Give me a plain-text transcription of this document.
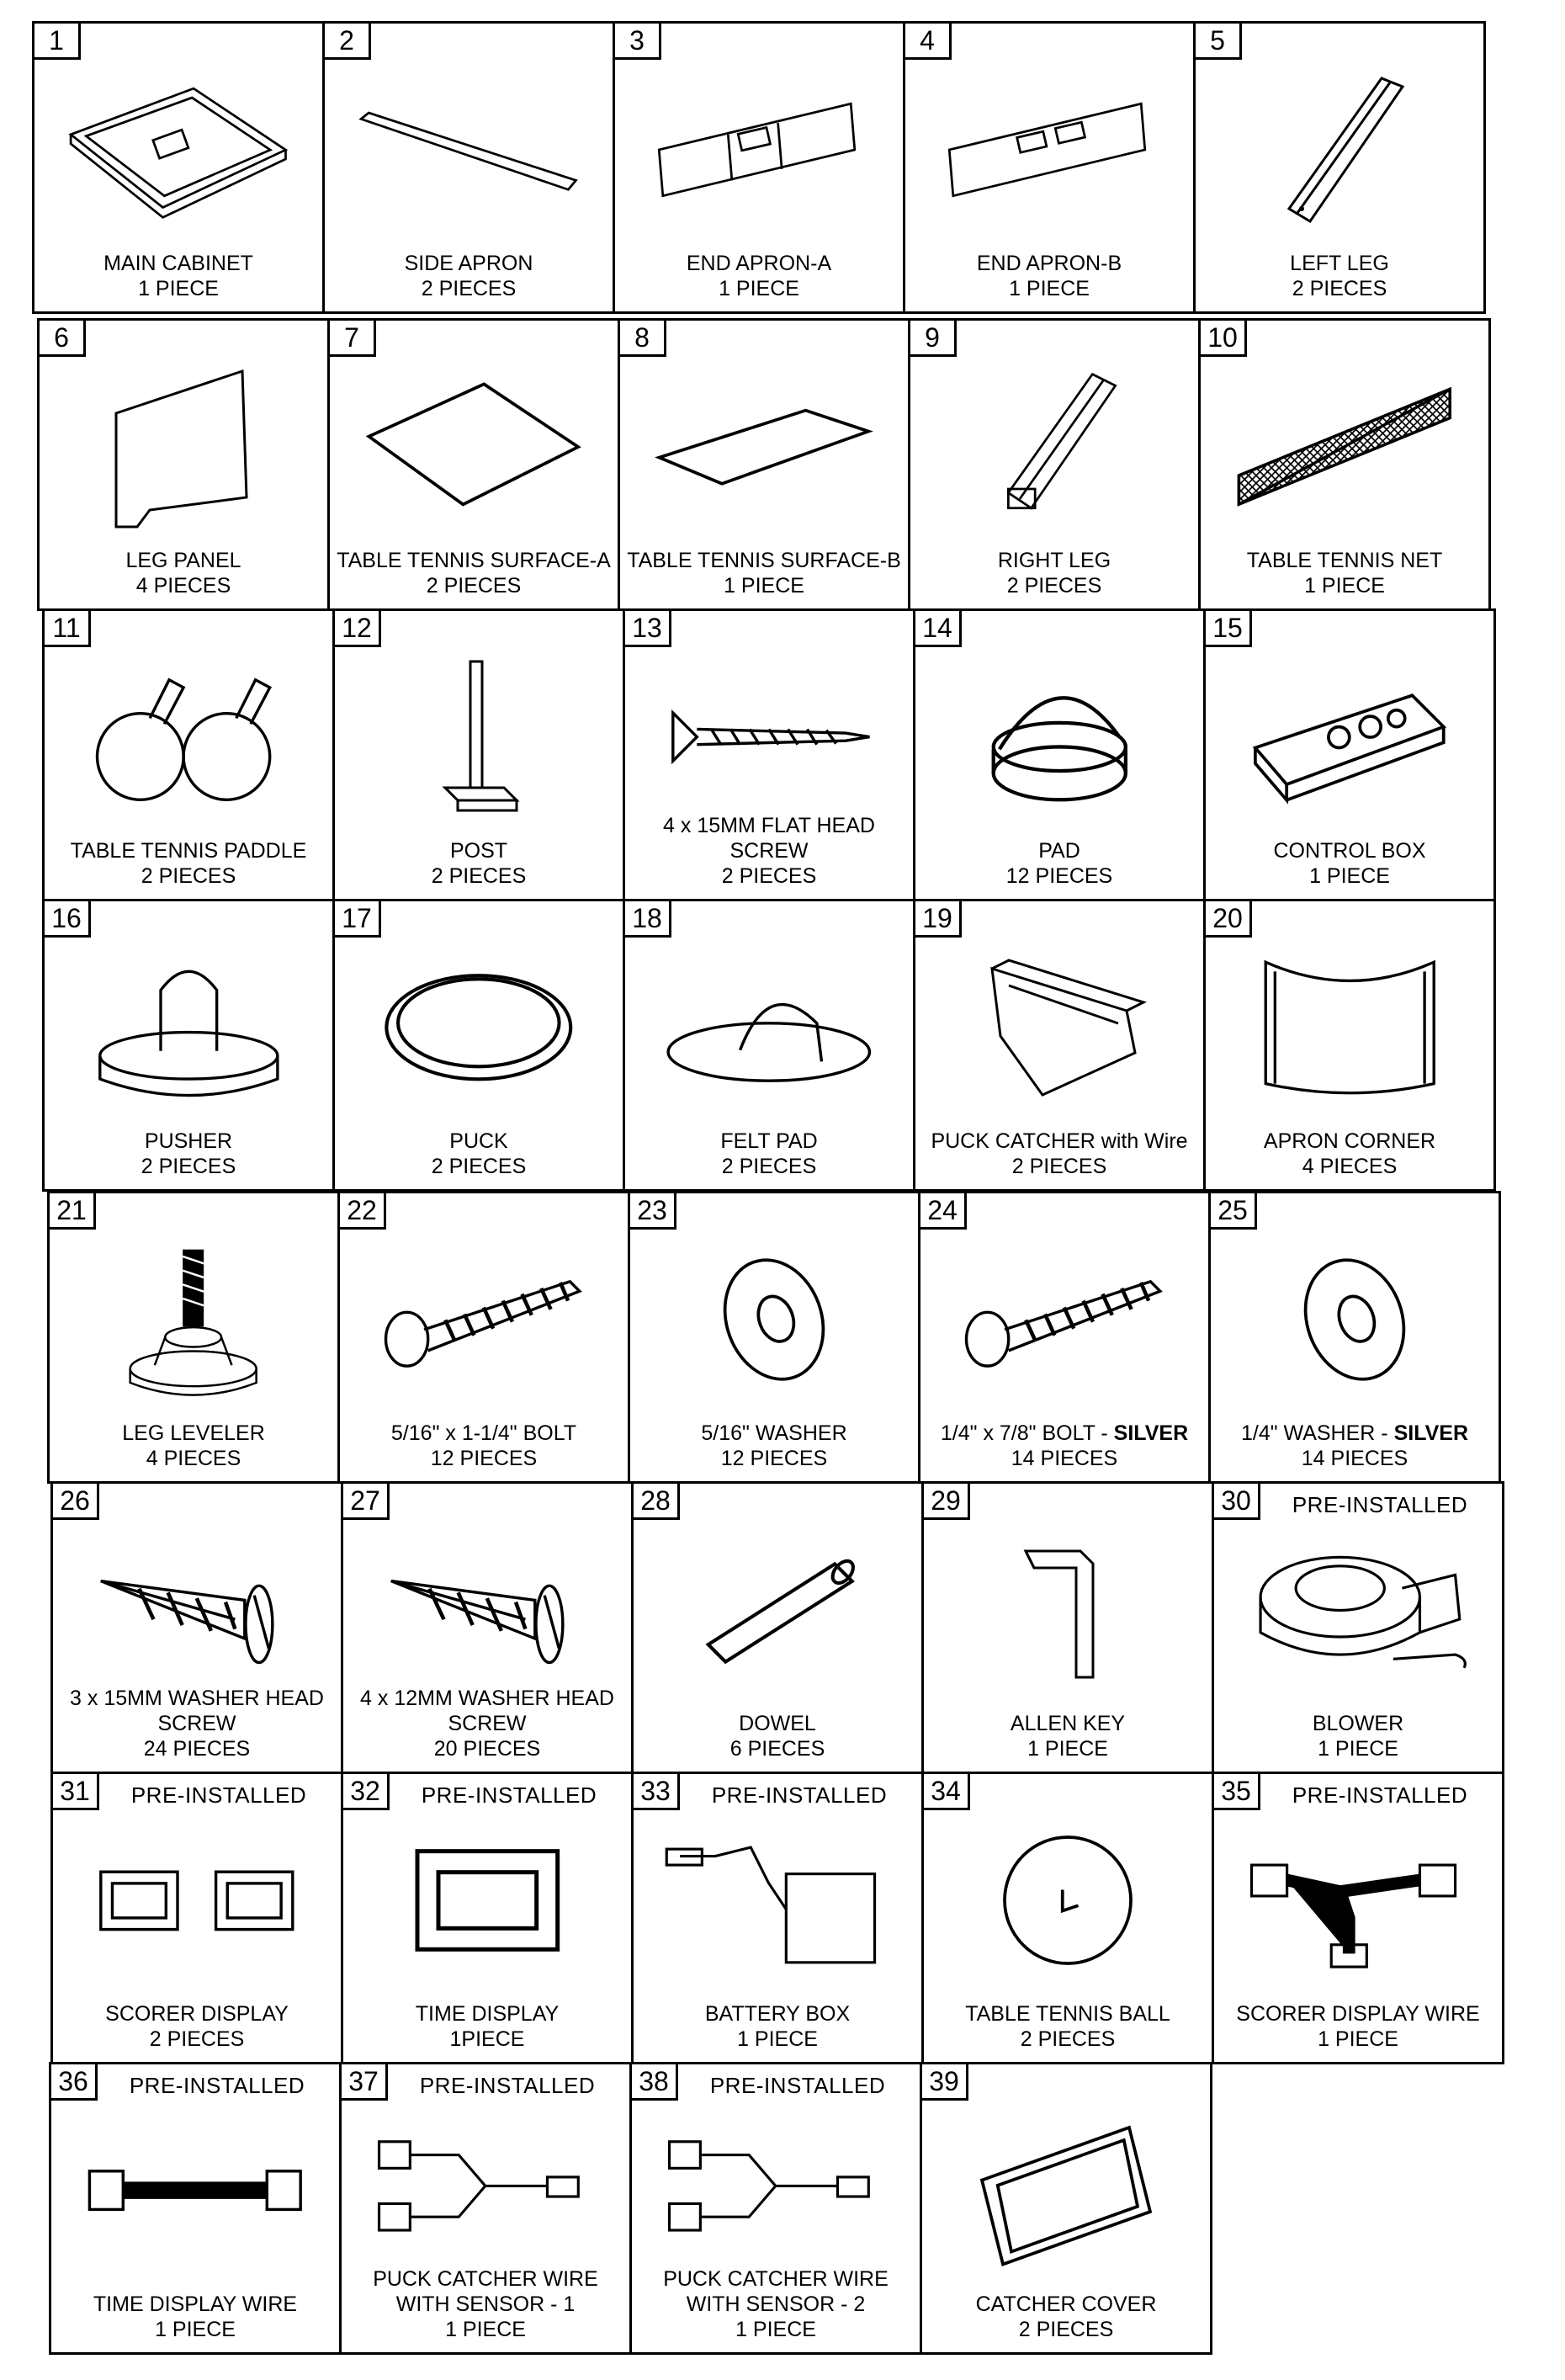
1
MAIN CABINET
1 PIECE
2
SIDE APRON
2 PIECES
3
END APRON-A
1 PIECE
4
END APRON-B
1 PIECE
5
LEFT LEG
2 PIECES
6
LEG PANEL
4 PIECES
7
TABLE TENNIS SURFACE-A
2 PIECES
8
TABLE TENNIS SURFACE-B
1 PIECE
9
RIGHT LEG
2 PIECES
10
TABLE TENNIS NET
1 PIECE
11
TABLE TENNIS PADDLE
2 PIECES
12
POST
2 PIECES
13
4 x 15MM FLAT HEAD SCREW
2 PIECES
14
PAD
12 PIECES
15
CONTROL BOX
1 PIECE
16
PUSHER
2 PIECES
17
PUCK
2 PIECES
18
FELT PAD
2 PIECES
19
PUCK CATCHER with Wire
2 PIECES
20
APRON CORNER
4 PIECES
21
LEG LEVELER
4 PIECES
22
5/16" x 1-1/4" BOLT
12 PIECES
23
5/16" WASHER
12 PIECES
24
1/4" x 7/8" BOLT - SILVER
14 PIECES
25
1/4" WASHER - SILVER
14 PIECES
26
3 x 15MM WASHER HEAD SCREW
24 PIECES
27
4 x 12MM WASHER HEAD SCREW
20 PIECES
28
DOWEL
6 PIECES
29
ALLEN KEY
1 PIECE
30	PRE-INSTALLED
BLOWER
1 PIECE
31	PRE-INSTALLED
SCORER DISPLAY
2 PIECES
32	PRE-INSTALLED
TIME DISPLAY
1PIECE
33	PRE-INSTALLED
BATTERY BOX
1 PIECE
34
TABLE TENNIS BALL
2 PIECES
35	PRE-INSTALLED
SCORER DISPLAY WIRE
1 PIECE
36	PRE-INSTALLED
TIME DISPLAY WIRE
1 PIECE
37	PRE-INSTALLED
PUCK CATCHER WIRE WITH SENSOR - 1
1 PIECE
38	PRE-INSTALLED
PUCK CATCHER WIRE WITH SENSOR - 2
1 PIECE
39
CATCHER COVER
2 PIECES
